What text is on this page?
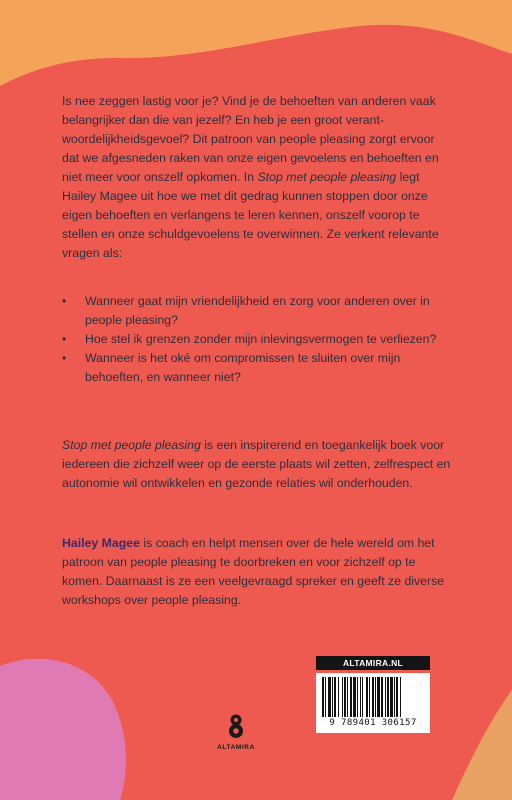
Is nee zeggen lastig voor je? Vind je de behoeften van anderen vaak belangrijker dan die van jezelf? En heb je een groot verant-woordelijkheidsgevoel? Dit patroon van people pleasing zorgt ervoor dat we afgesneden raken van onze eigen gevoelens en behoeften en niet meer voor onszelf opkomen. In Stop met people pleasing legt Hailey Magee uit hoe we met dit gedrag kunnen stoppen door onze eigen behoeften en verlangens te leren kennen, onszelf voorop te stellen en onze schuldgevoelens te overwinnen. Ze verkent relevante vragen als:
• Wanneer gaat mijn vriendelijkheid en zorg voor anderen over in people pleasing?
• Hoe stel ik grenzen zonder mijn inlevingsvermogen te verliezen?
• Wanneer is het oké om compromissen te sluiten over mijn behoeften, en wanneer niet?
Stop met people pleasing is een inspirerend en toegankelijk boek voor iedereen die zichzelf weer op de eerste plaats wil zetten, zelfrespect en autonomie wil ontwikkelen en gezonde relaties wil onderhouden.
Hailey Magee is coach en helpt mensen over de hele wereld om het patroon van people pleasing te doorbreken en voor zichzelf op te komen. Daarnaast is ze een veelgevraagd spreker en geeft ze diverse workshops over people pleasing.
ALTAMIRA.NL
9 789401 306157
ALTAMIRA
